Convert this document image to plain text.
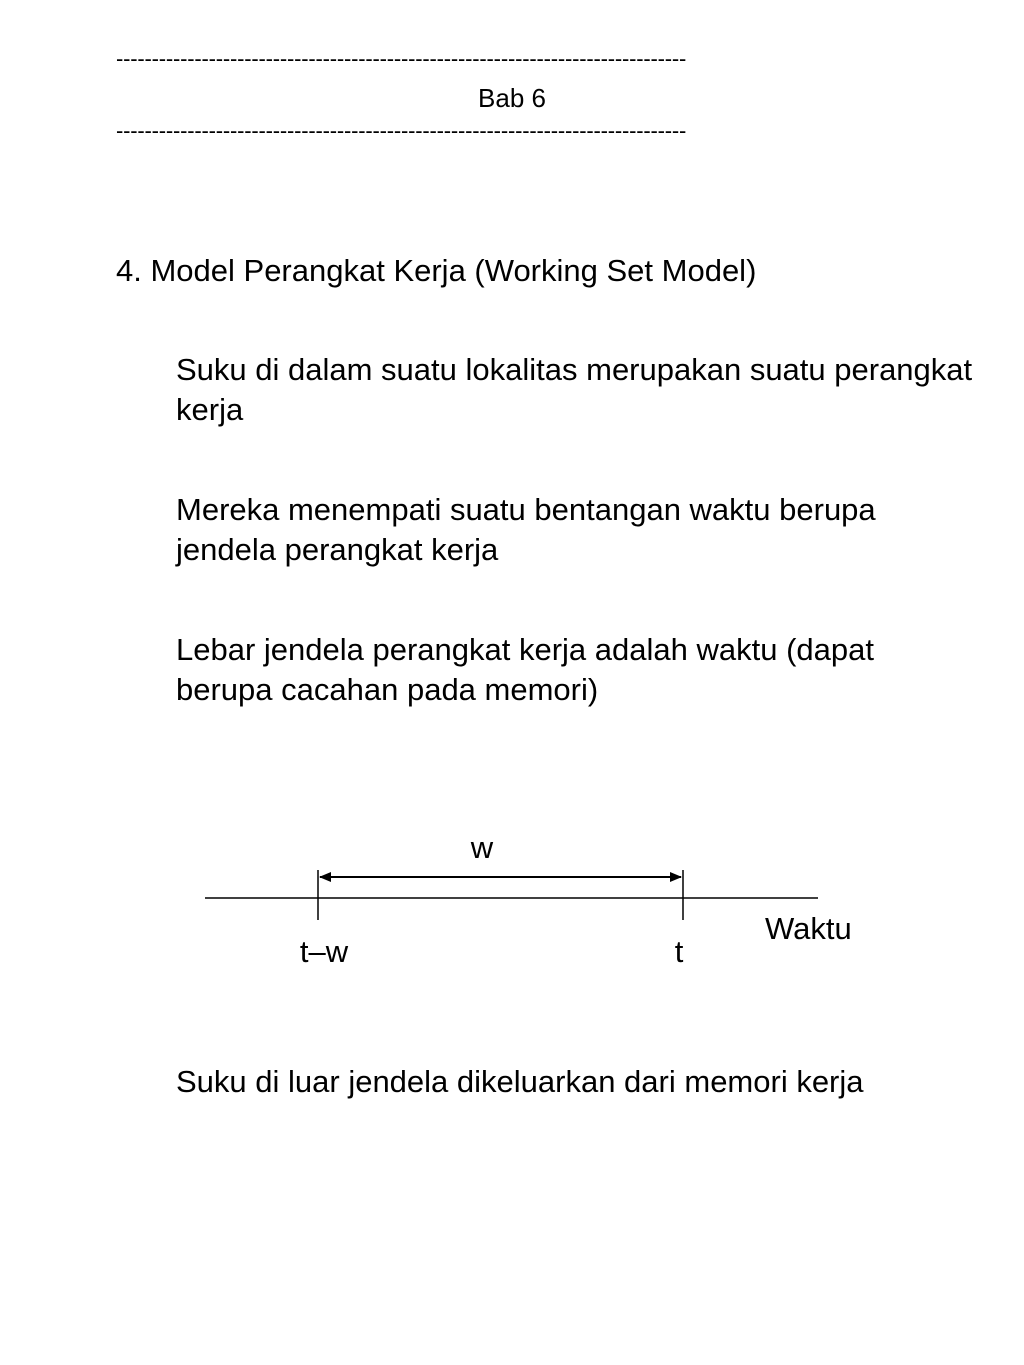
--------------------------------------------------------------------------------
Bab 6
--------------------------------------------------------------------------------
4. Model Perangkat Kerja (Working Set Model)
Suku di dalam suatu lokalitas merupakan suatu perangkat kerja
Mereka menempati suatu bentangan waktu berupa jendela perangkat kerja
Lebar jendela perangkat kerja adalah waktu (dapat berupa cacahan pada memori)
w
Waktu
t–w	t
Suku di luar jendela dikeluarkan dari memori kerja
